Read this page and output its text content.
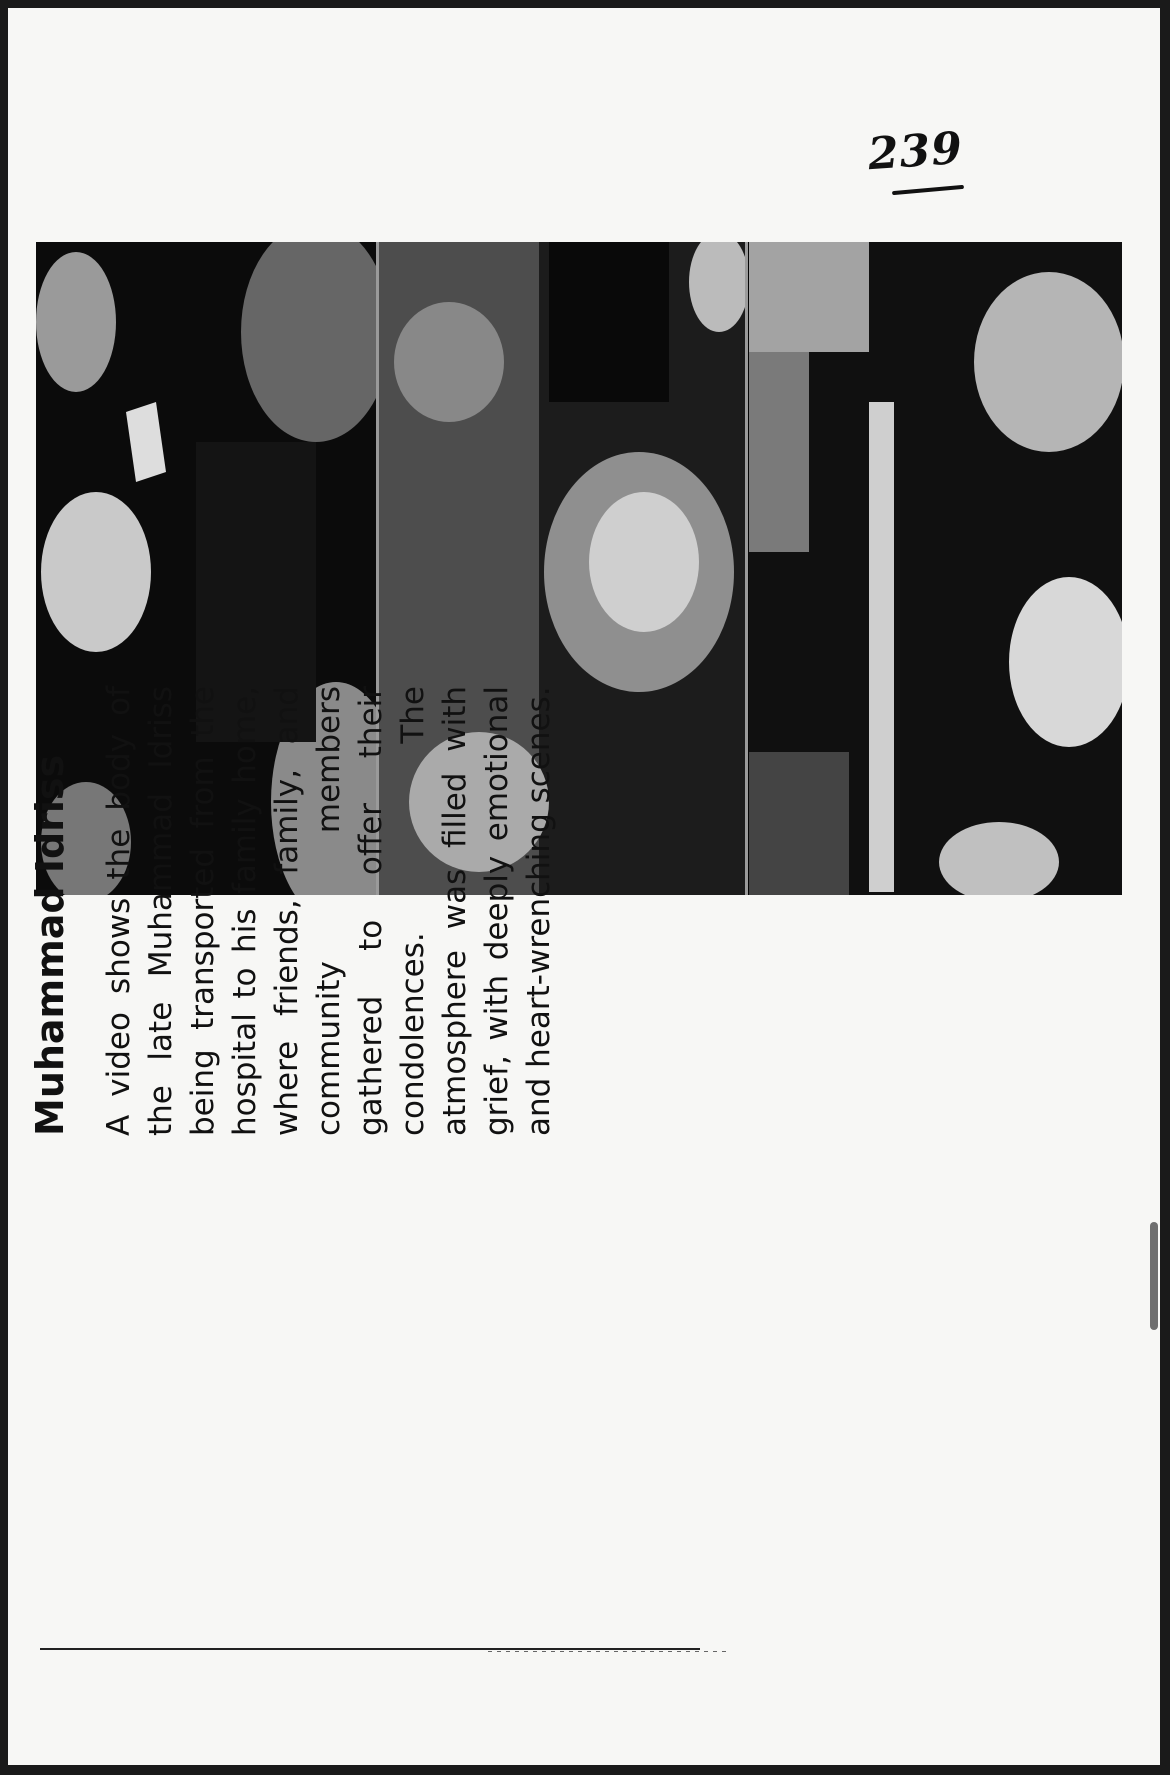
239
Muhammad Idriss A video shows the body of the late Muhammad Idriss being transported from the hospital to his family home, where friends, family, and community members gathered to offer their condolences. The atmosphere was filled with grief, with deeply emotional and heart-wrenching scenes.
